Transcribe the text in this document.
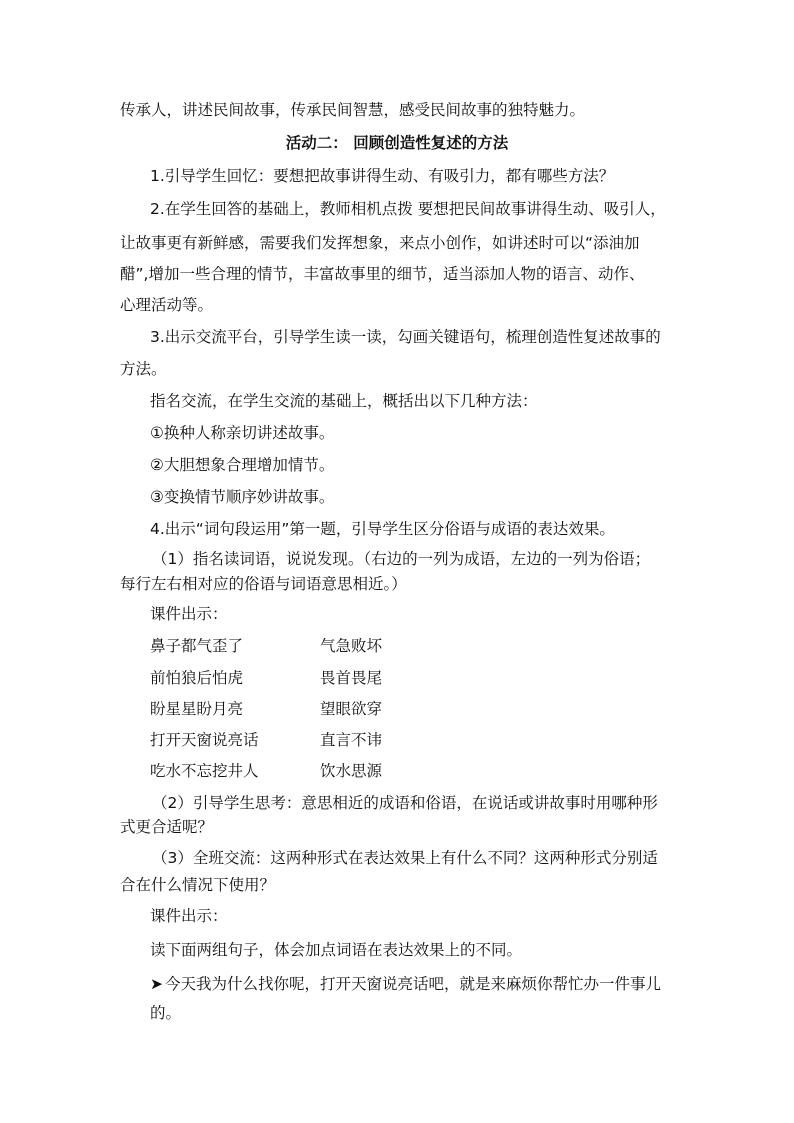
传承人，讲述民间故事，传承民间智慧，感受民间故事的独特魅力。
活动二： 回顾创造性复述的方法
1.引导学生回忆：要想把故事讲得生动、有吸引力，都有哪些方法？
2.在学生回答的基础上，教师相机点拨 要想把民间故事讲得生动、吸引人，
让故事更有新鲜感，需要我们发挥想象，来点小创作，如讲述时可以“添油加
醋”,增加一些合理的情节，丰富故事里的细节，适当添加人物的语言、动作、
心理活动等。
3.出示交流平台，引导学生读一读，勾画关键语句，梳理创造性复述故事的
方法。
指名交流，在学生交流的基础上，概括出以下几种方法：
①换种人称亲切讲述故事。
②大胆想象合理增加情节。
③变换情节顺序妙讲故事。
4.出示“词句段运用”第一题，引导学生区分俗语与成语的表达效果。
（1）指名读词语，说说发现。（右边的一列为成语，左边的一列为俗语；
每行左右相对应的俗语与词语意思相近。）
课件出示：
鼻子都气歪了	气急败坏
前怕狼后怕虎	畏首畏尾
盼星星盼月亮	望眼欲穿
打开天窗说亮话	直言不讳
吃水不忘挖井人	饮水思源
（2）引导学生思考：意思相近的成语和俗语，在说话或讲故事时用哪种形
式更合适呢？
（3）全班交流：这两种形式在表达效果上有什么不同？这两种形式分别适
合在什么情况下使用？
课件出示：
读下面两组句子，体会加点词语在表达效果上的不同。
➤ 今天我为什么找你呢，打开天窗说亮话吧，就是来麻烦你帮忙办一件事儿
的。
